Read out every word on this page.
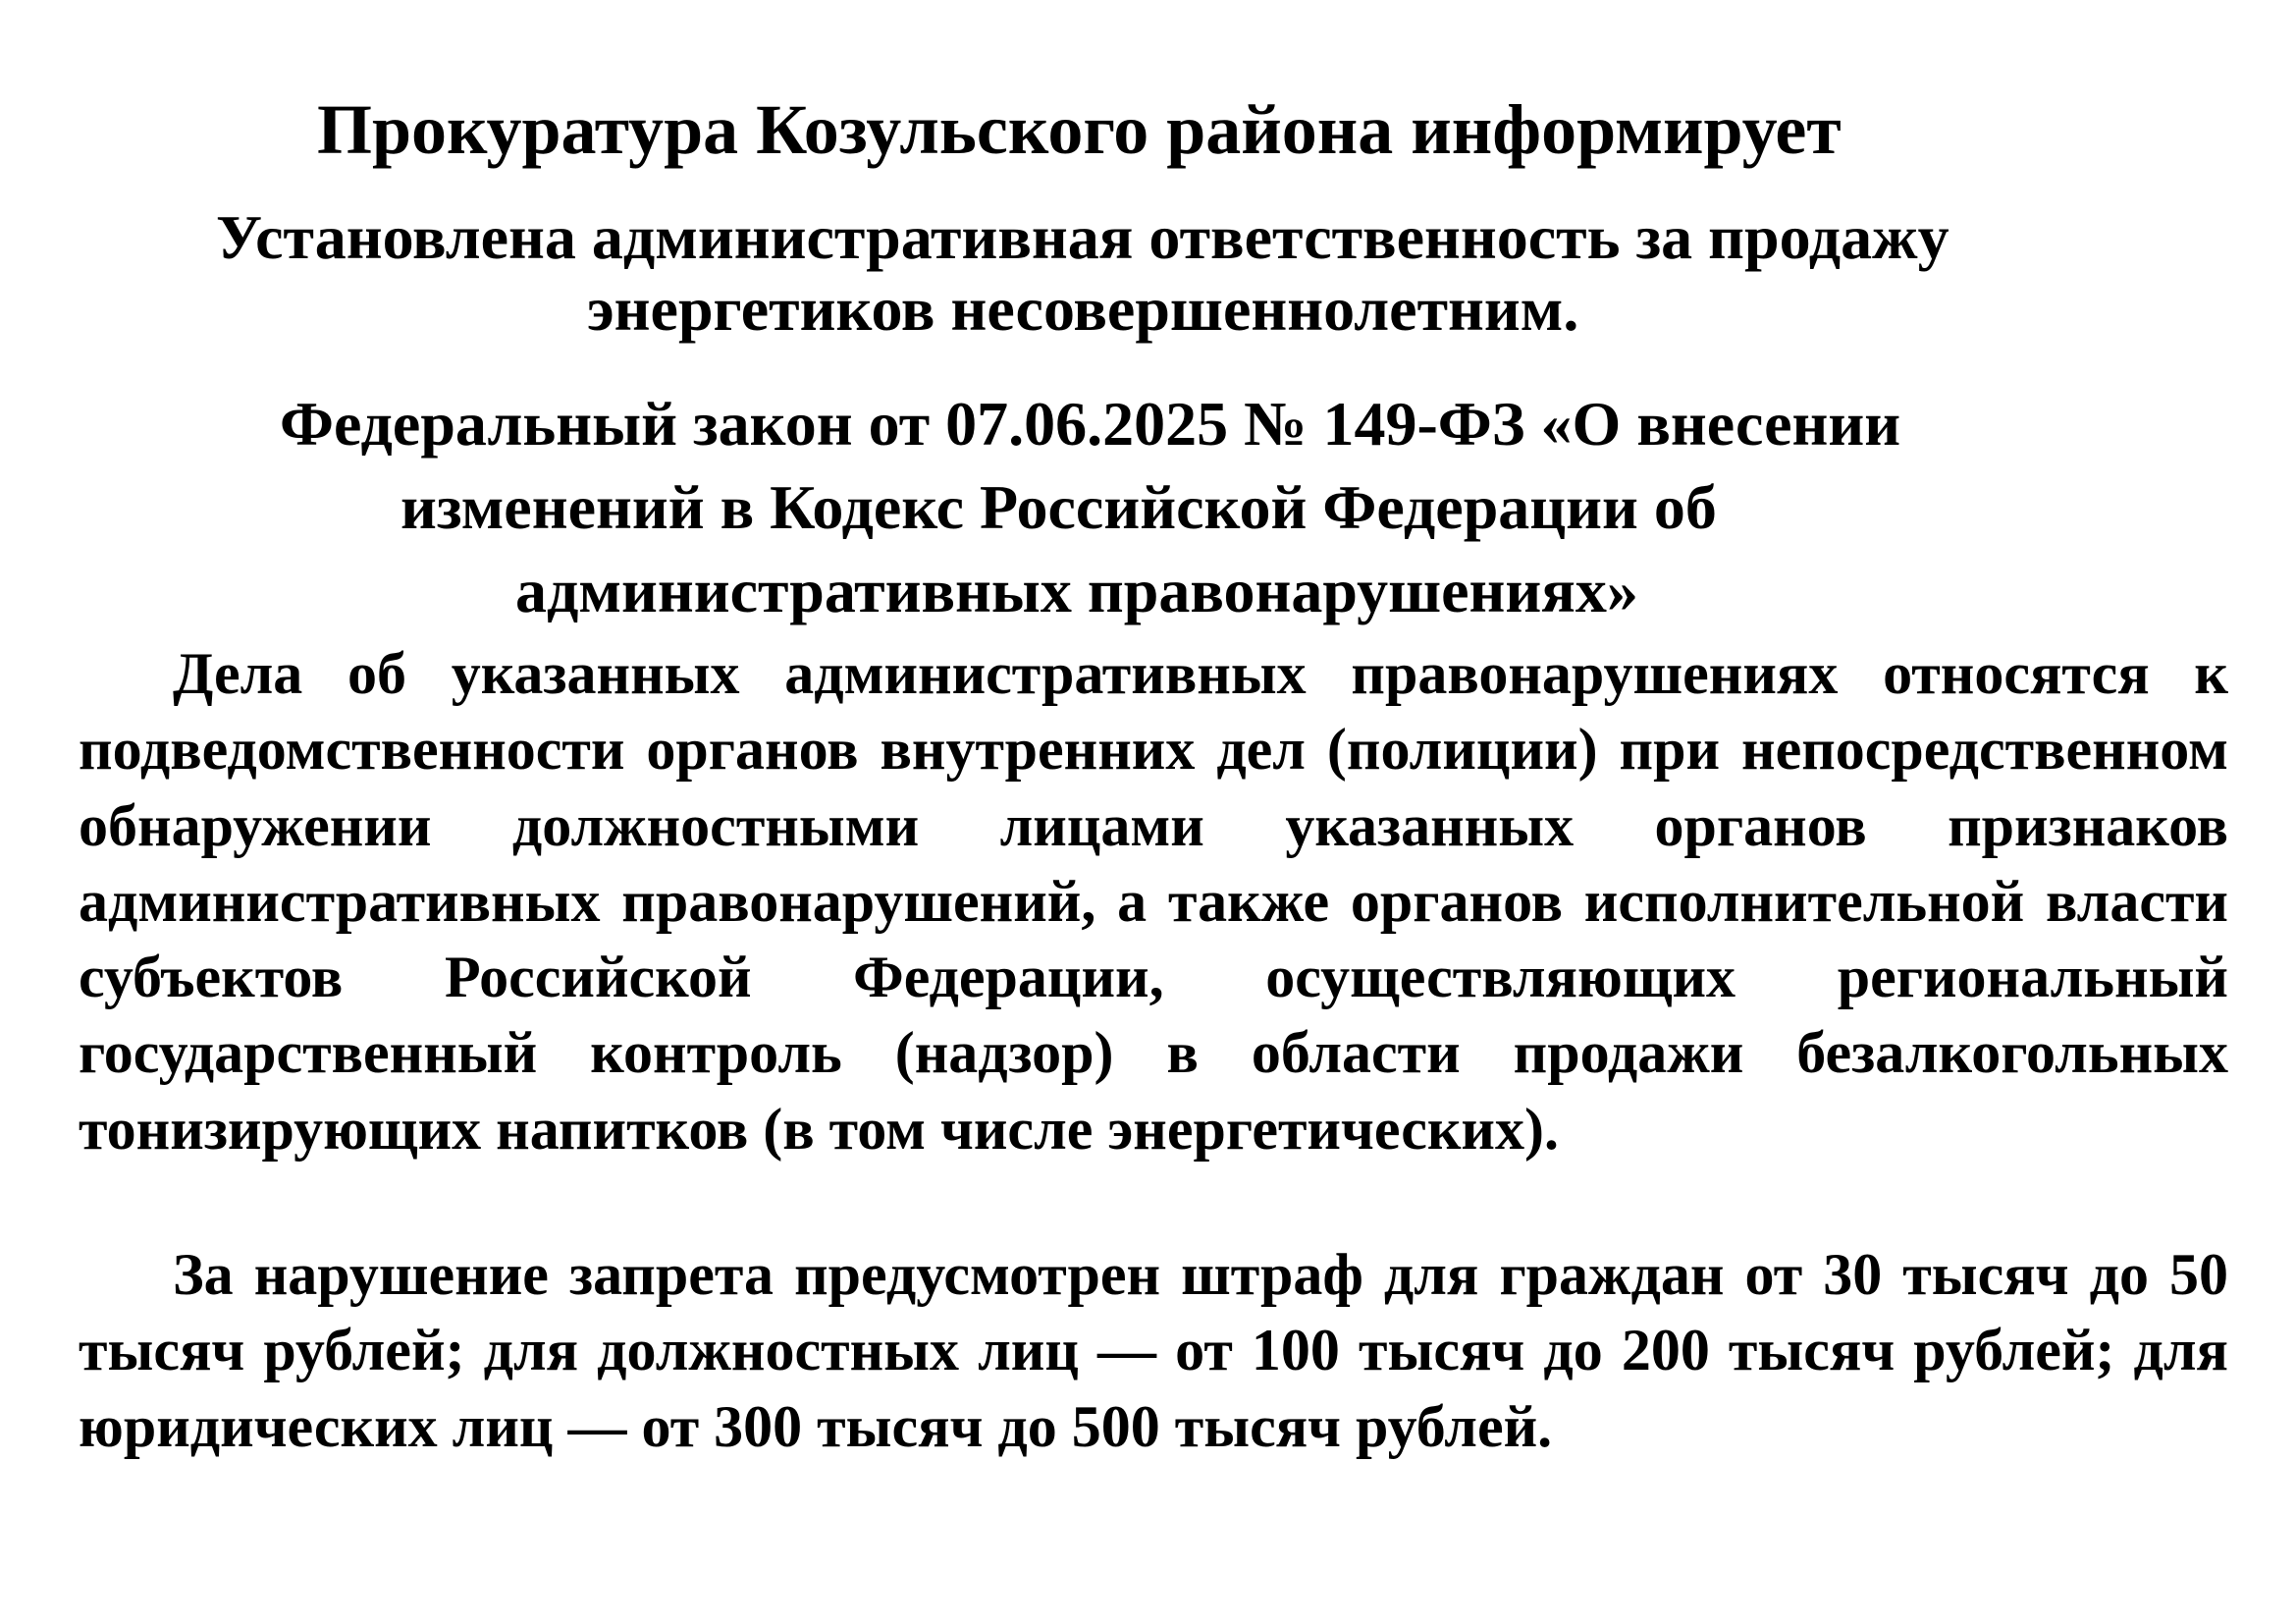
Прокуратура Козульского района информирует

Установлена административная ответственность за продажу

энергетиков несовершеннолетним.

Федеральный закон от 07.06.2025 № 149-ФЗ «О внесении

изменений в Кодекс Российской Федерации об

административных правонарушениях»

Дела об указанных административных правонарушениях относятся к подведомственности органов внутренних дел (полиции) при непосредственном обнаружении должностными лицами указанных органов признаков административных правонарушений, а также органов исполнительной власти субъектов Российской Федерации, осуществляющих региональный государственный контроль (надзор) в области продажи безалкогольных тонизирующих напитков (в том числе энергетических).

За нарушение запрета предусмотрен штраф для граждан от 30 тысяч до 50 тысяч рублей; для должностных лиц — от 100 тысяч до 200 тысяч рублей; для юридических лиц — от 300 тысяч до 500 тысяч рублей.
